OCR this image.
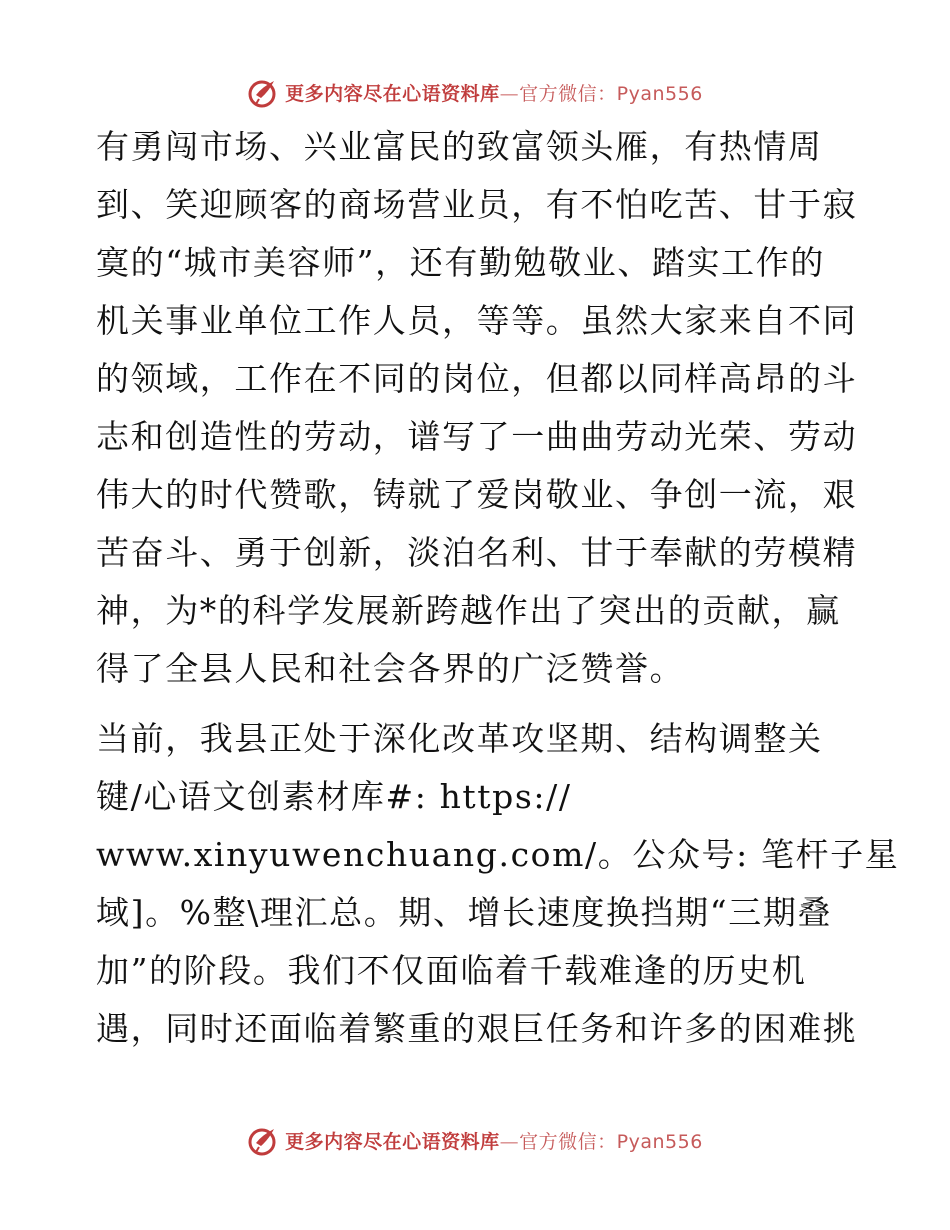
更多内容尽在心语资料库—官方微信：Pyan556
有勇闯市场、兴业富民的致富领头雁，有热情周
到、笑迎顾客的商场营业员，有不怕吃苦、甘于寂
寞的“城市美容师”，还有勤勉敬业、踏实工作的
机关事业单位工作人员，等等。虽然大家来自不同
的领域，工作在不同的岗位，但都以同样高昂的斗
志和创造性的劳动，谱写了一曲曲劳动光荣、劳动
伟大的时代赞歌，铸就了爱岗敬业、争创一流，艰
苦奋斗、勇于创新，淡泊名利、甘于奉献的劳模精
神，为*的科学发展新跨越作出了突出的贡献，赢
得了全县人民和社会各界的广泛赞誉。
当前，我县正处于深化改革攻坚期、结构调整关
键/心语文创素材库#: https://
www.xinyuwenchuang.com/。公众号: 笔杆子星
域]。%整\理汇总。期、增长速度换挡期“三期叠
加”的阶段。我们不仅面临着千载难逢的历史机
遇，同时还面临着繁重的艰巨任务和许多的困难挑
更多内容尽在心语资料库—官方微信：Pyan556
